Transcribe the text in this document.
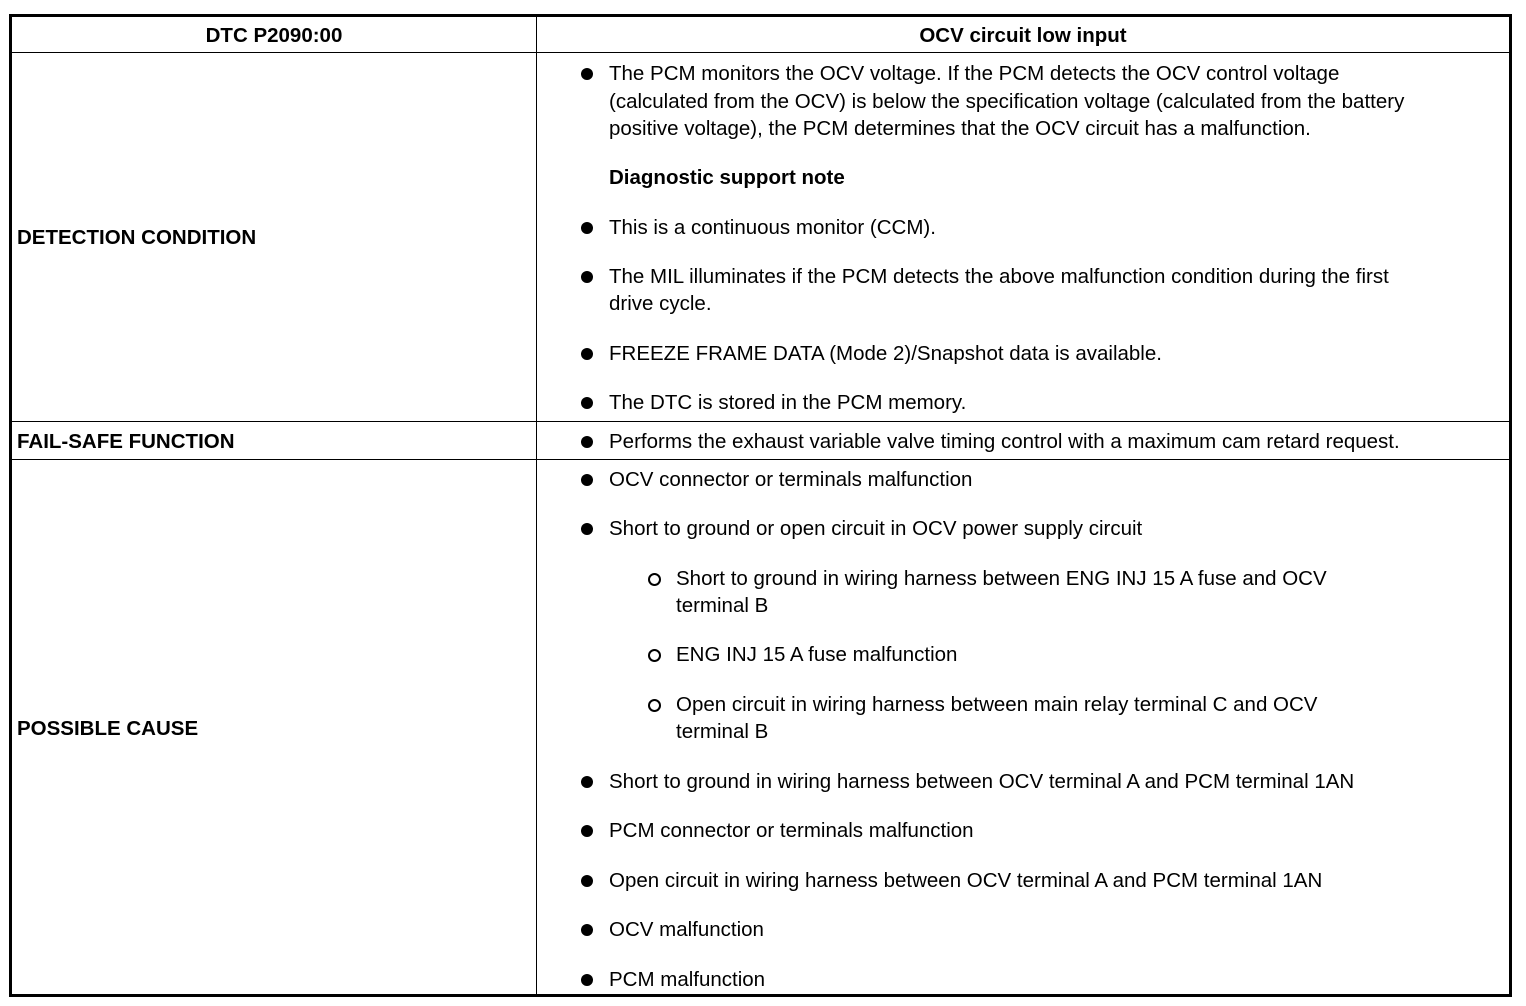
DTC P2090:00	OCV circuit low input
DETECTION CONDITION
The PCM monitors the OCV voltage. If the PCM detects the OCV control voltage
(calculated from the OCV) is below the specification voltage (calculated from the battery
positive voltage), the PCM determines that the OCV circuit has a malfunction.
Diagnostic support note
This is a continuous monitor (CCM).
The MIL illuminates if the PCM detects the above malfunction condition during the first
drive cycle.
FREEZE FRAME DATA (Mode 2)/Snapshot data is available.
The DTC is stored in the PCM memory.
FAIL-SAFE FUNCTION	Performs the exhaust variable valve timing control with a maximum cam retard request.
POSSIBLE CAUSE
OCV connector or terminals malfunction
Short to ground or open circuit in OCV power supply circuit
Short to ground in wiring harness between ENG INJ 15 A fuse and OCV
terminal B
ENG INJ 15 A fuse malfunction
Open circuit in wiring harness between main relay terminal C and OCV
terminal B
Short to ground in wiring harness between OCV terminal A and PCM terminal 1AN
PCM connector or terminals malfunction
Open circuit in wiring harness between OCV terminal A and PCM terminal 1AN
OCV malfunction
PCM malfunction
